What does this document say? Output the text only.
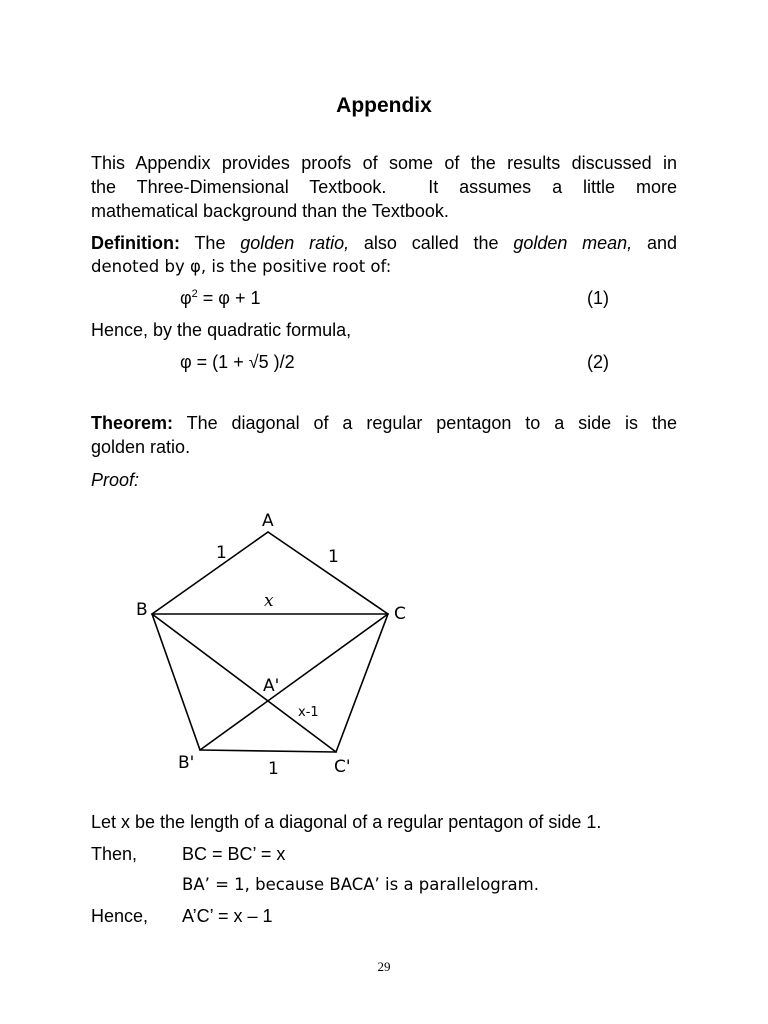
Appendix
This Appendix provides proofs of some of the results discussed in
the Three-Dimensional Textbook.  It assumes a little more
mathematical background than the Textbook.
Definition: The golden ratio, also called the golden mean, and
denoted by φ, is the positive root of:
$\varphi^2 = \varphi + 1$	(1)
Hence, by the quadratic formula,
φ = (1 + √5 )/2	(2)
Theorem: The diagonal of a regular pentagon to a side is the
golden ratio.
Proof:
A
B	C
A'
B'	C'
1	1
1
x
x-1
Let x be the length of a diagonal of a regular pentagon of side 1.
Then, BC = BC’ = x
BA’ = 1, because BACA’ is a parallelogram.
Hence, A’C’ = x – 1
29
